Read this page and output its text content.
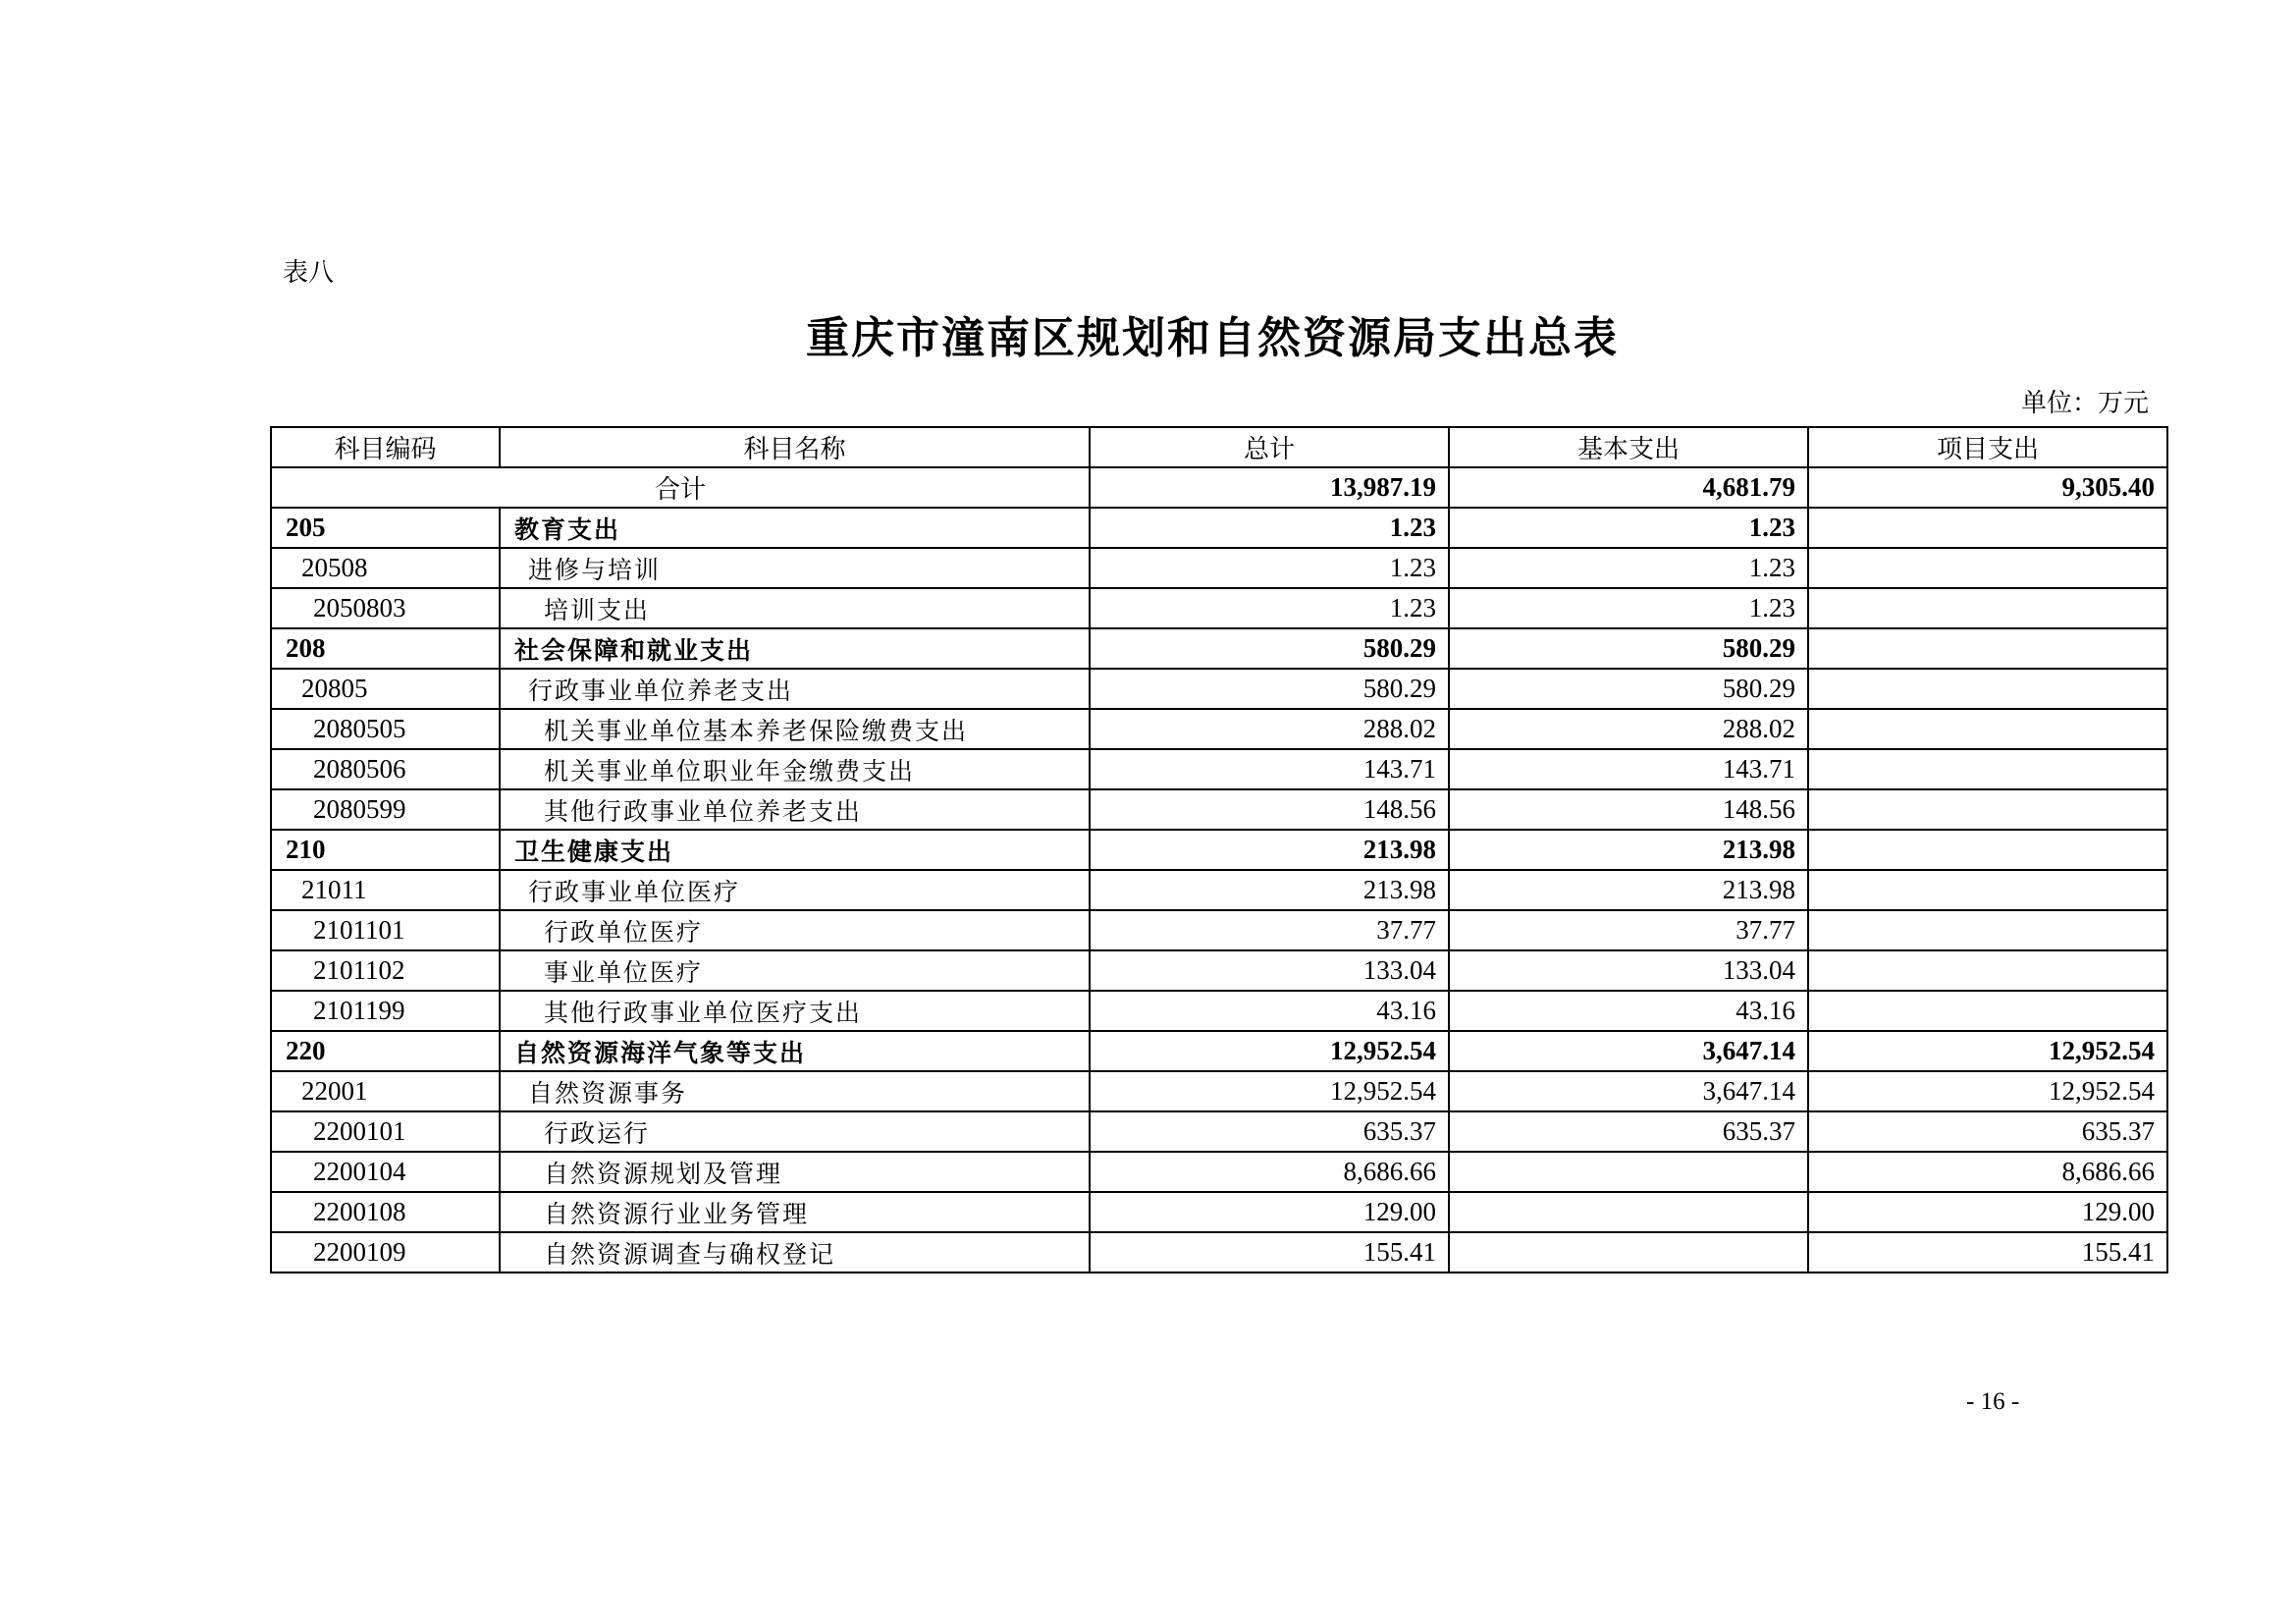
表八
重庆市潼南区规划和自然资源局支出总表
单位：万元
科目编码	科目名称	总计	基本支出	项目支出
合计		13,987.19	4,681.79	9,305.40
205	教育支出	1.23	1.23	
20508	进修与培训	1.23	1.23	
2050803	培训支出	1.23	1.23	
208	社会保障和就业支出	580.29	580.29	
20805	行政事业单位养老支出	580.29	580.29	
2080505	机关事业单位基本养老保险缴费支出	288.02	288.02	
2080506	机关事业单位职业年金缴费支出	143.71	143.71	
2080599	其他行政事业单位养老支出	148.56	148.56	
210	卫生健康支出	213.98	213.98	
21011	行政事业单位医疗	213.98	213.98	
2101101	行政单位医疗	37.77	37.77	
2101102	事业单位医疗	133.04	133.04	
2101199	其他行政事业单位医疗支出	43.16	43.16	
220	自然资源海洋气象等支出	12,952.54	3,647.14	12,952.54
22001	自然资源事务	12,952.54	3,647.14	12,952.54
2200101	行政运行	635.37	635.37	635.37
2200104	自然资源规划及管理	8,686.66		8,686.66
2200108	自然资源行业业务管理	129.00		129.00
2200109	自然资源调查与确权登记	155.41		155.41
- 16 -
